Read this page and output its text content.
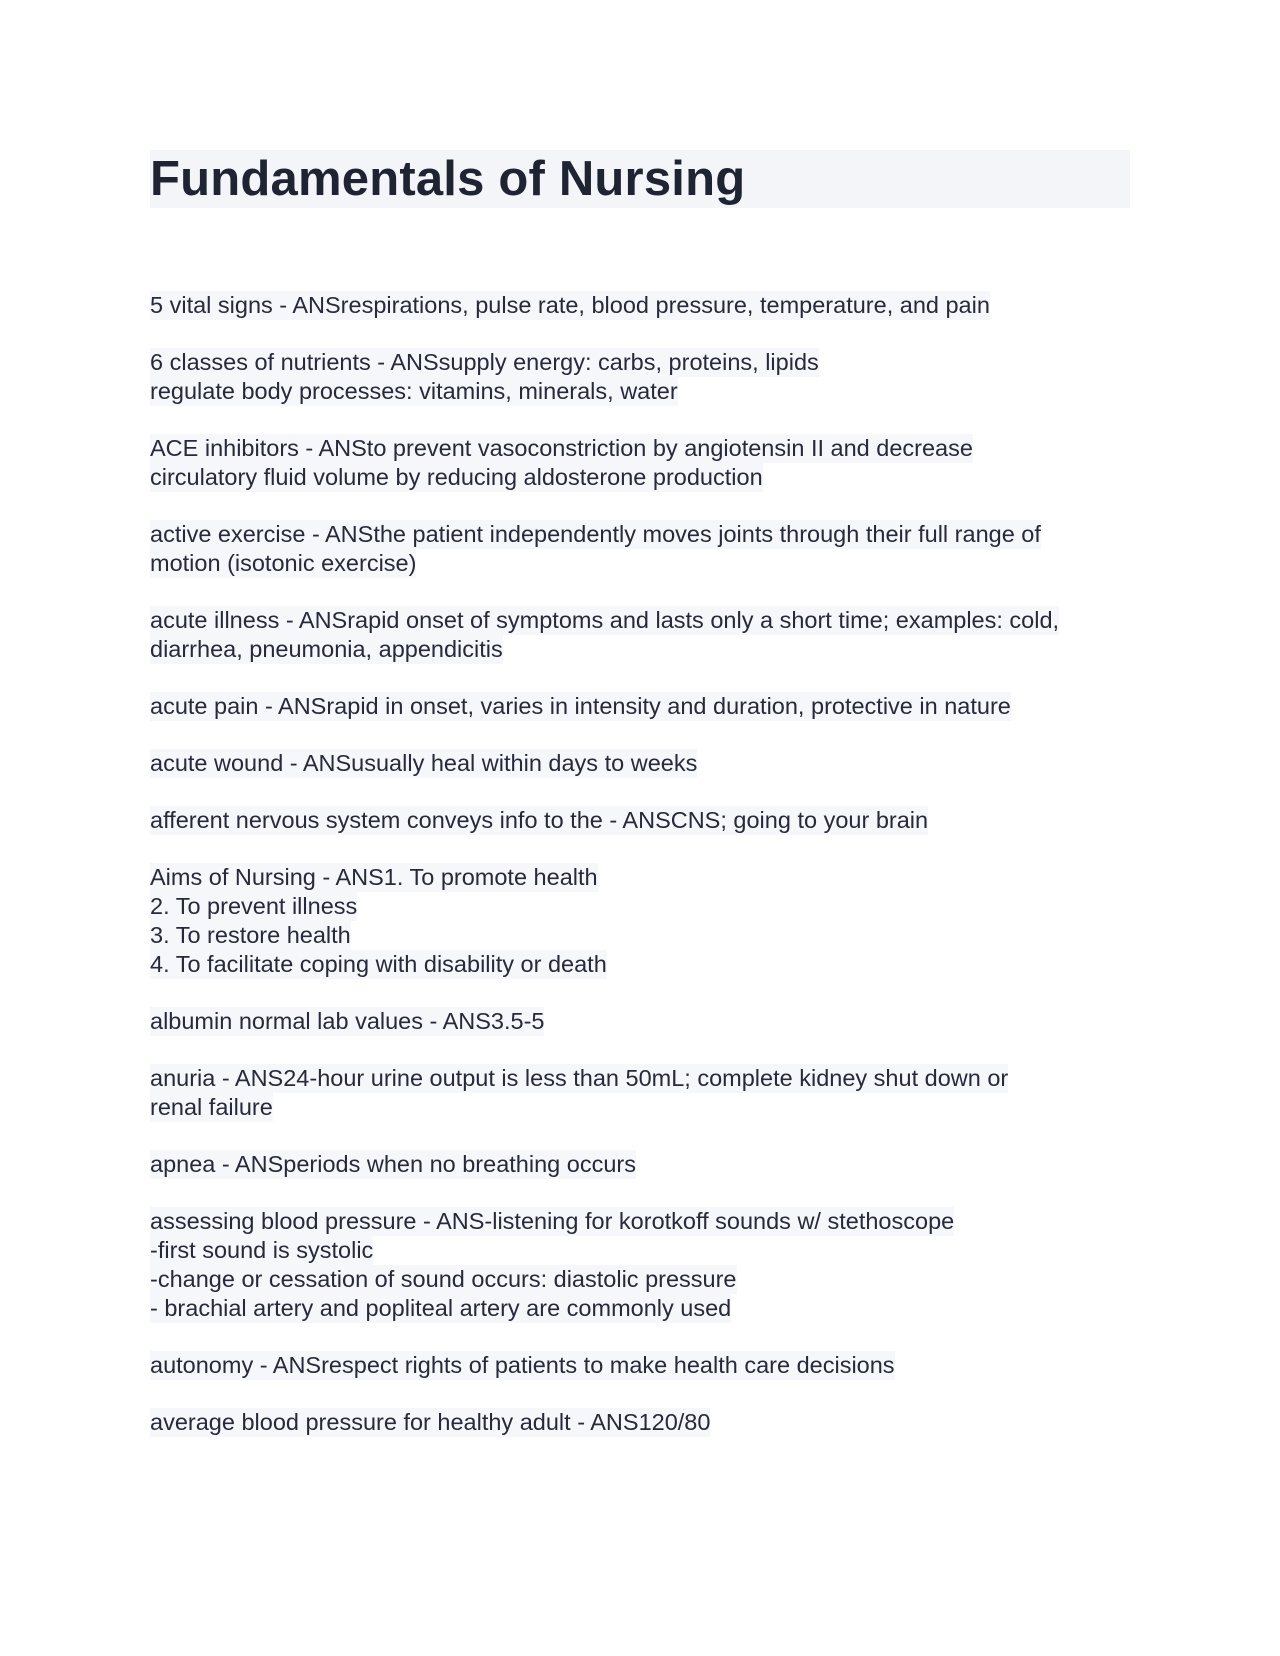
Fundamentals of Nursing
5 vital signs - ANSrespirations, pulse rate, blood pressure, temperature, and pain
6 classes of nutrients - ANSsupply energy: carbs, proteins, lipids
regulate body processes: vitamins, minerals, water
ACE inhibitors - ANSto prevent vasoconstriction by angiotensin II and decrease
circulatory fluid volume by reducing aldosterone production
active exercise - ANSthe patient independently moves joints through their full range of
motion (isotonic exercise)
acute illness - ANSrapid onset of symptoms and lasts only a short time; examples: cold,
diarrhea, pneumonia, appendicitis
acute pain - ANSrapid in onset, varies in intensity and duration, protective in nature
acute wound - ANSusually heal within days to weeks
afferent nervous system conveys info to the - ANSCNS; going to your brain
Aims of Nursing - ANS1. To promote health
2. To prevent illness
3. To restore health
4. To facilitate coping with disability or death
albumin normal lab values - ANS3.5-5
anuria - ANS24-hour urine output is less than 50mL; complete kidney shut down or
renal failure
apnea - ANSperiods when no breathing occurs
assessing blood pressure - ANS-listening for korotkoff sounds w/ stethoscope
-first sound is systolic
-change or cessation of sound occurs: diastolic pressure
- brachial artery and popliteal artery are commonly used
autonomy - ANSrespect rights of patients to make health care decisions
average blood pressure for healthy adult - ANS120/80
